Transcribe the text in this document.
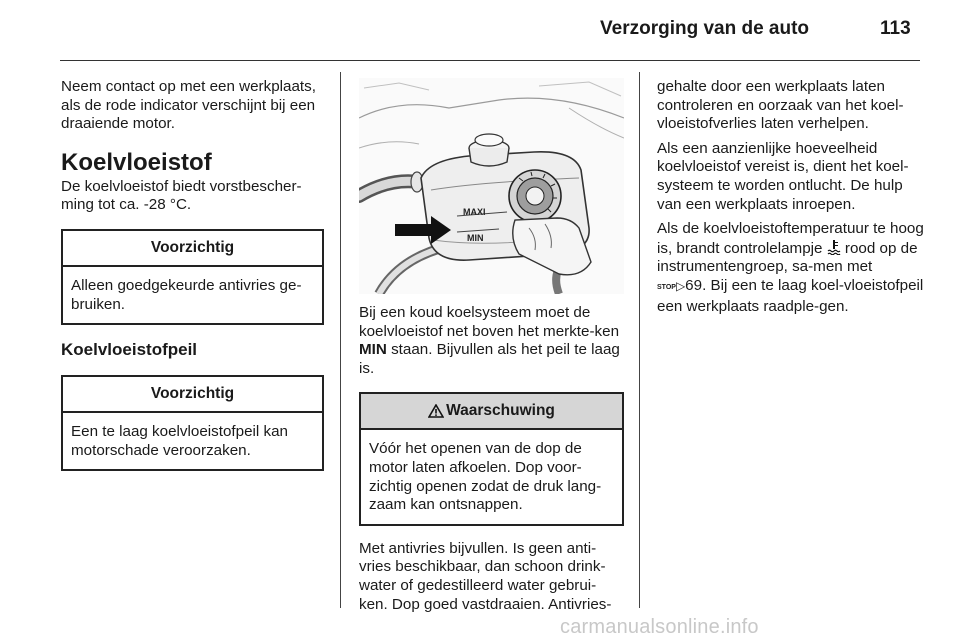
Verzorging van de auto	113

Neem contact op met een werkplaats, als de rode indicator verschijnt bij een draaiende motor.

Koelvloeistof

De koelvloeistof biedt vorstbescher-ming tot ca. -28 °C.

Voorzichtig
Alleen goedgekeurde antivries ge-bruiken.
Koelvloeistofpeil
Voorzichtig
Een te laag koelvloeistofpeil kan motorschade veroorzaken.
MAXI
MIN

Bij een koud koelsysteem moet de koelvloeistof net boven het merkte-ken MIN staan. Bijvullen als het peil te laag is.

Waarschuwing
Vóór het openen van de dop de motor laten afkoelen. Dop voor-zichtig openen zodat de druk lang-zaam kan ontsnappen.

Met antivries bijvullen. Is geen anti-vries beschikbaar, dan schoon drink-water of gedestilleerd water gebrui-ken. Dop goed vastdraaien. Antivries-

gehalte door een werkplaats laten controleren en oorzaak van het koel-vloeistofverlies laten verhelpen.

Als een aanzienlijke hoeveelheid koelvloeistof vereist is, dient het koel-systeem te worden ontlucht. De hulp van een werkplaats inroepen.

Als de koelvloeistoftemperatuur te hoog is, brandt controlelampje  rood op de instrumentengroep, sa-men met STOP▷69. Bij een te laag koel-vloeistofpeil een werkplaats raadple-gen.

carmanualsonline.info
